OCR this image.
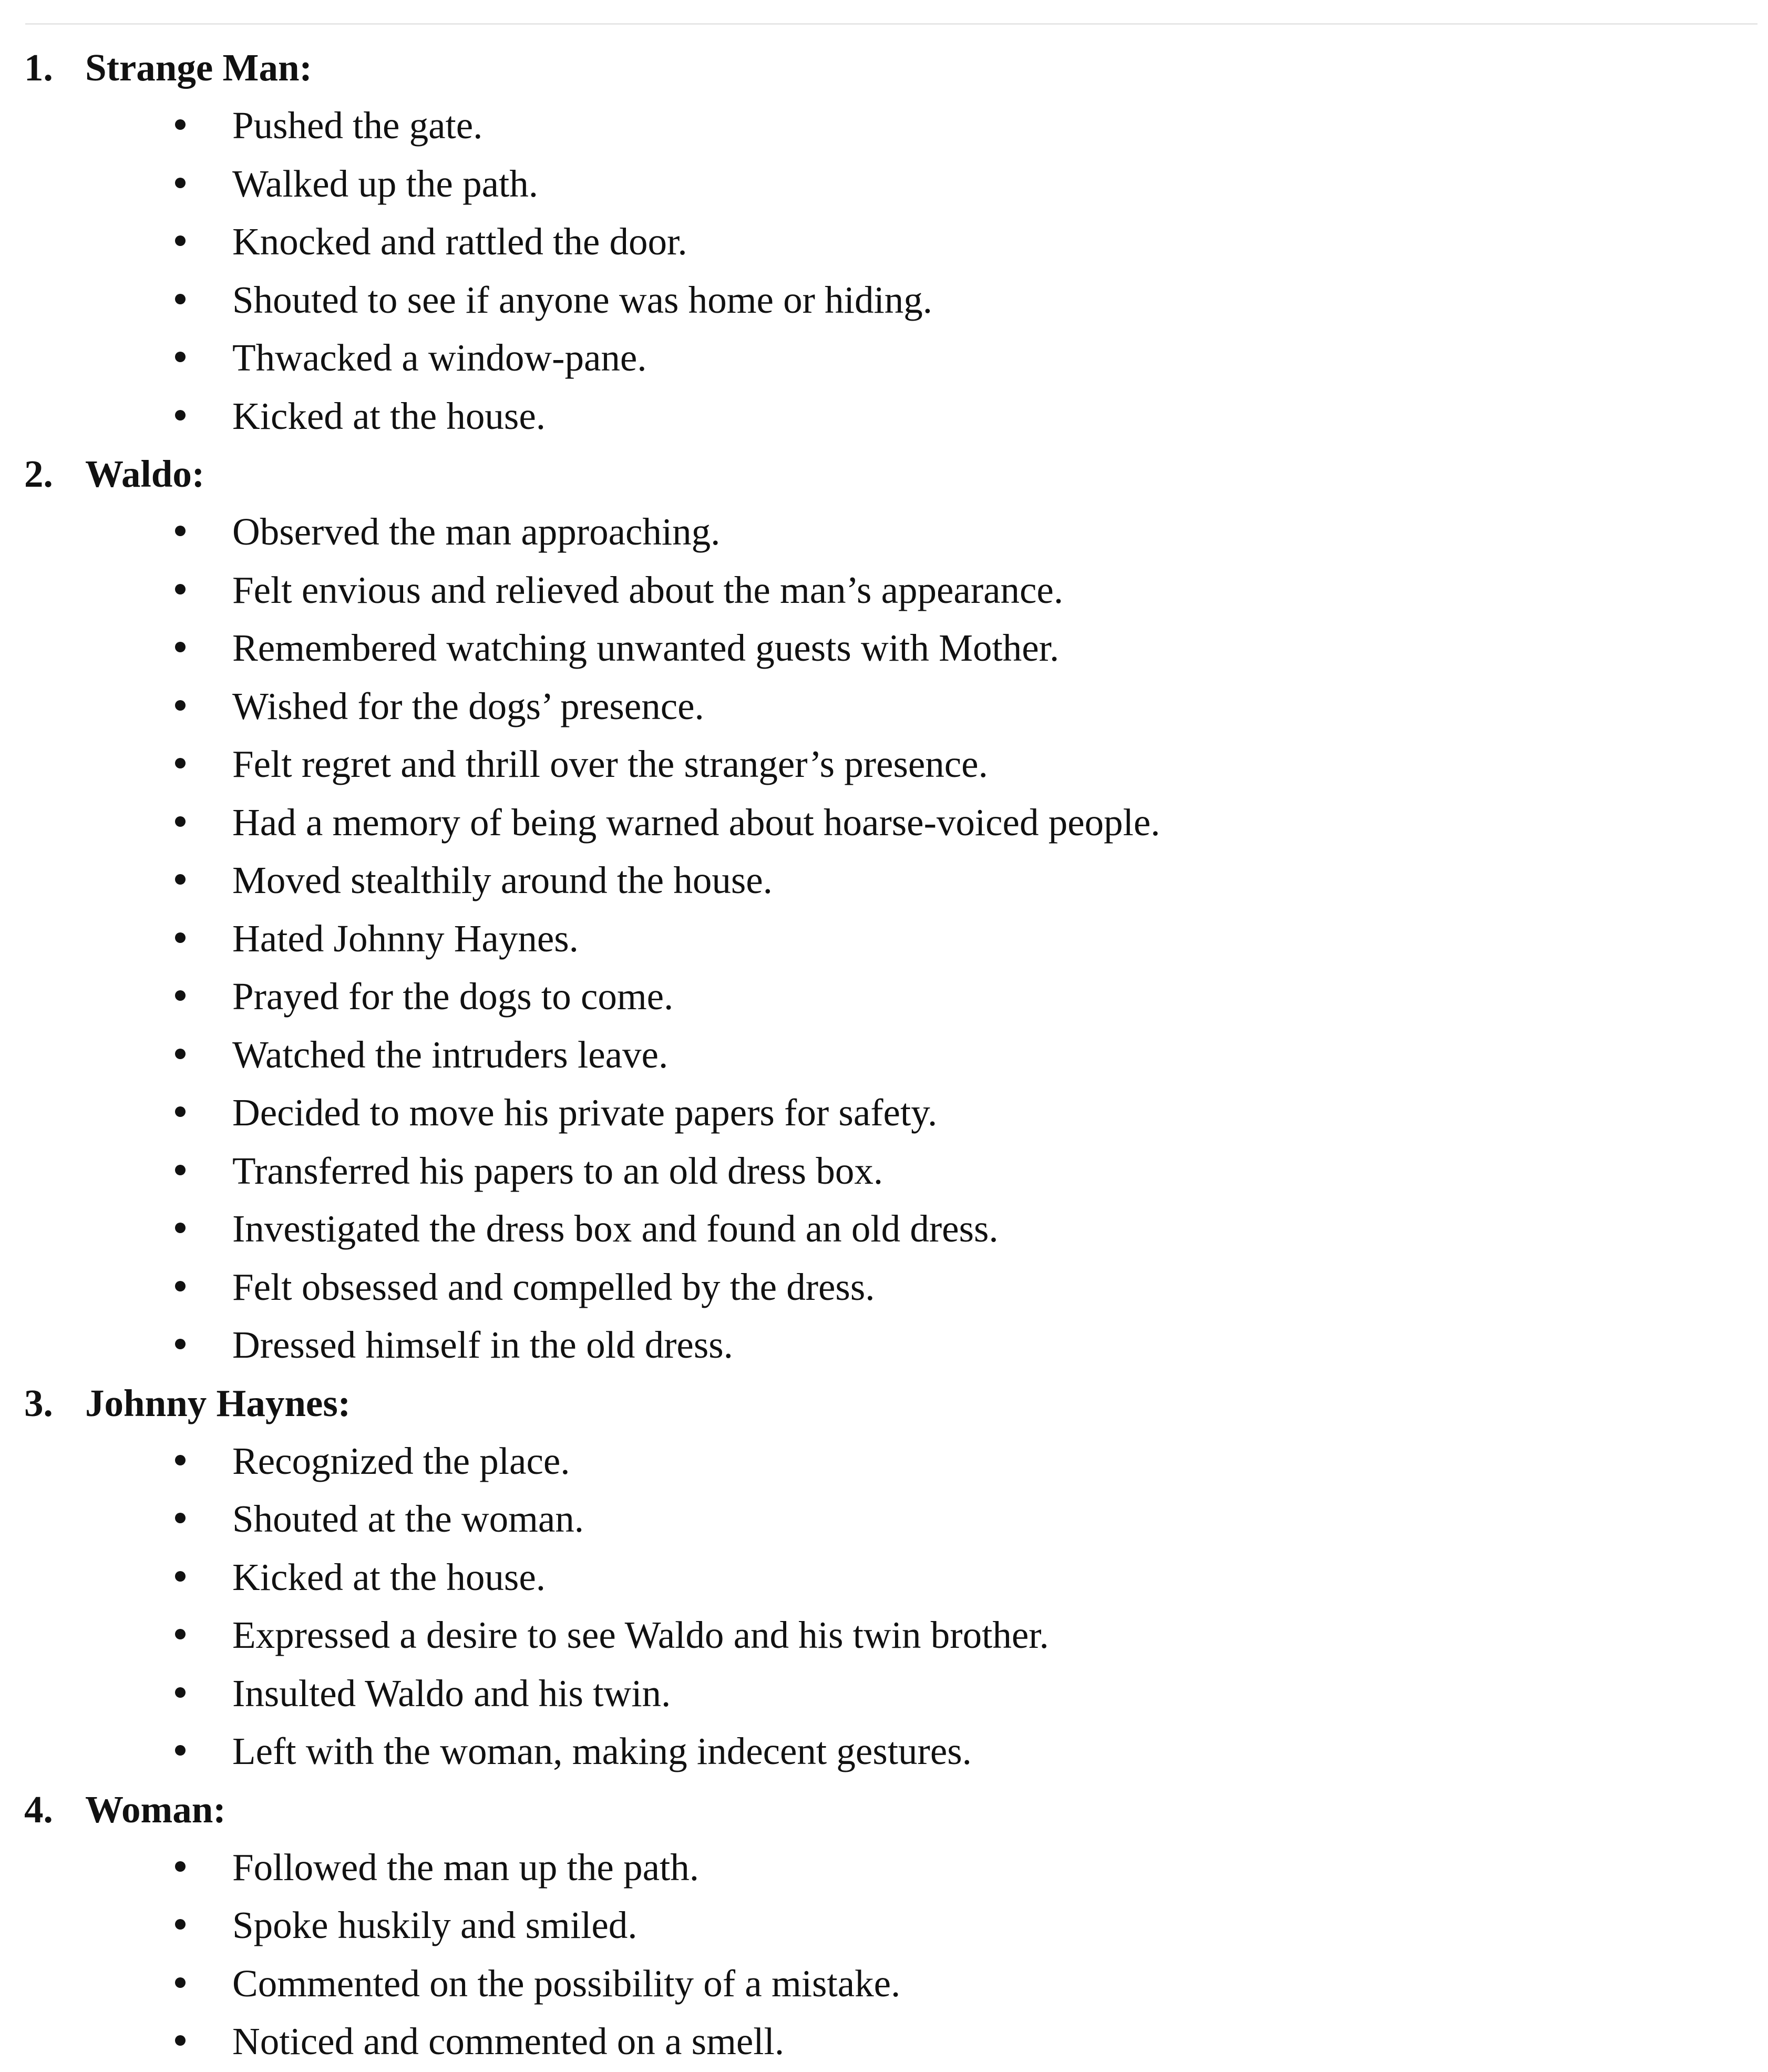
1. Strange Man:
Pushed the gate.
Walked up the path.
Knocked and rattled the door.
Shouted to see if anyone was home or hiding.
Thwacked a window-pane.
Kicked at the house.
2. Waldo:
Observed the man approaching.
Felt envious and relieved about the man’s appearance.
Remembered watching unwanted guests with Mother.
Wished for the dogs’ presence.
Felt regret and thrill over the stranger’s presence.
Had a memory of being warned about hoarse-voiced people.
Moved stealthily around the house.
Hated Johnny Haynes.
Prayed for the dogs to come.
Watched the intruders leave.
Decided to move his private papers for safety.
Transferred his papers to an old dress box.
Investigated the dress box and found an old dress.
Felt obsessed and compelled by the dress.
Dressed himself in the old dress.
3. Johnny Haynes:
Recognized the place.
Shouted at the woman.
Kicked at the house.
Expressed a desire to see Waldo and his twin brother.
Insulted Waldo and his twin.
Left with the woman, making indecent gestures.
4. Woman:
Followed the man up the path.
Spoke huskily and smiled.
Commented on the possibility of a mistake.
Noticed and commented on a smell.
